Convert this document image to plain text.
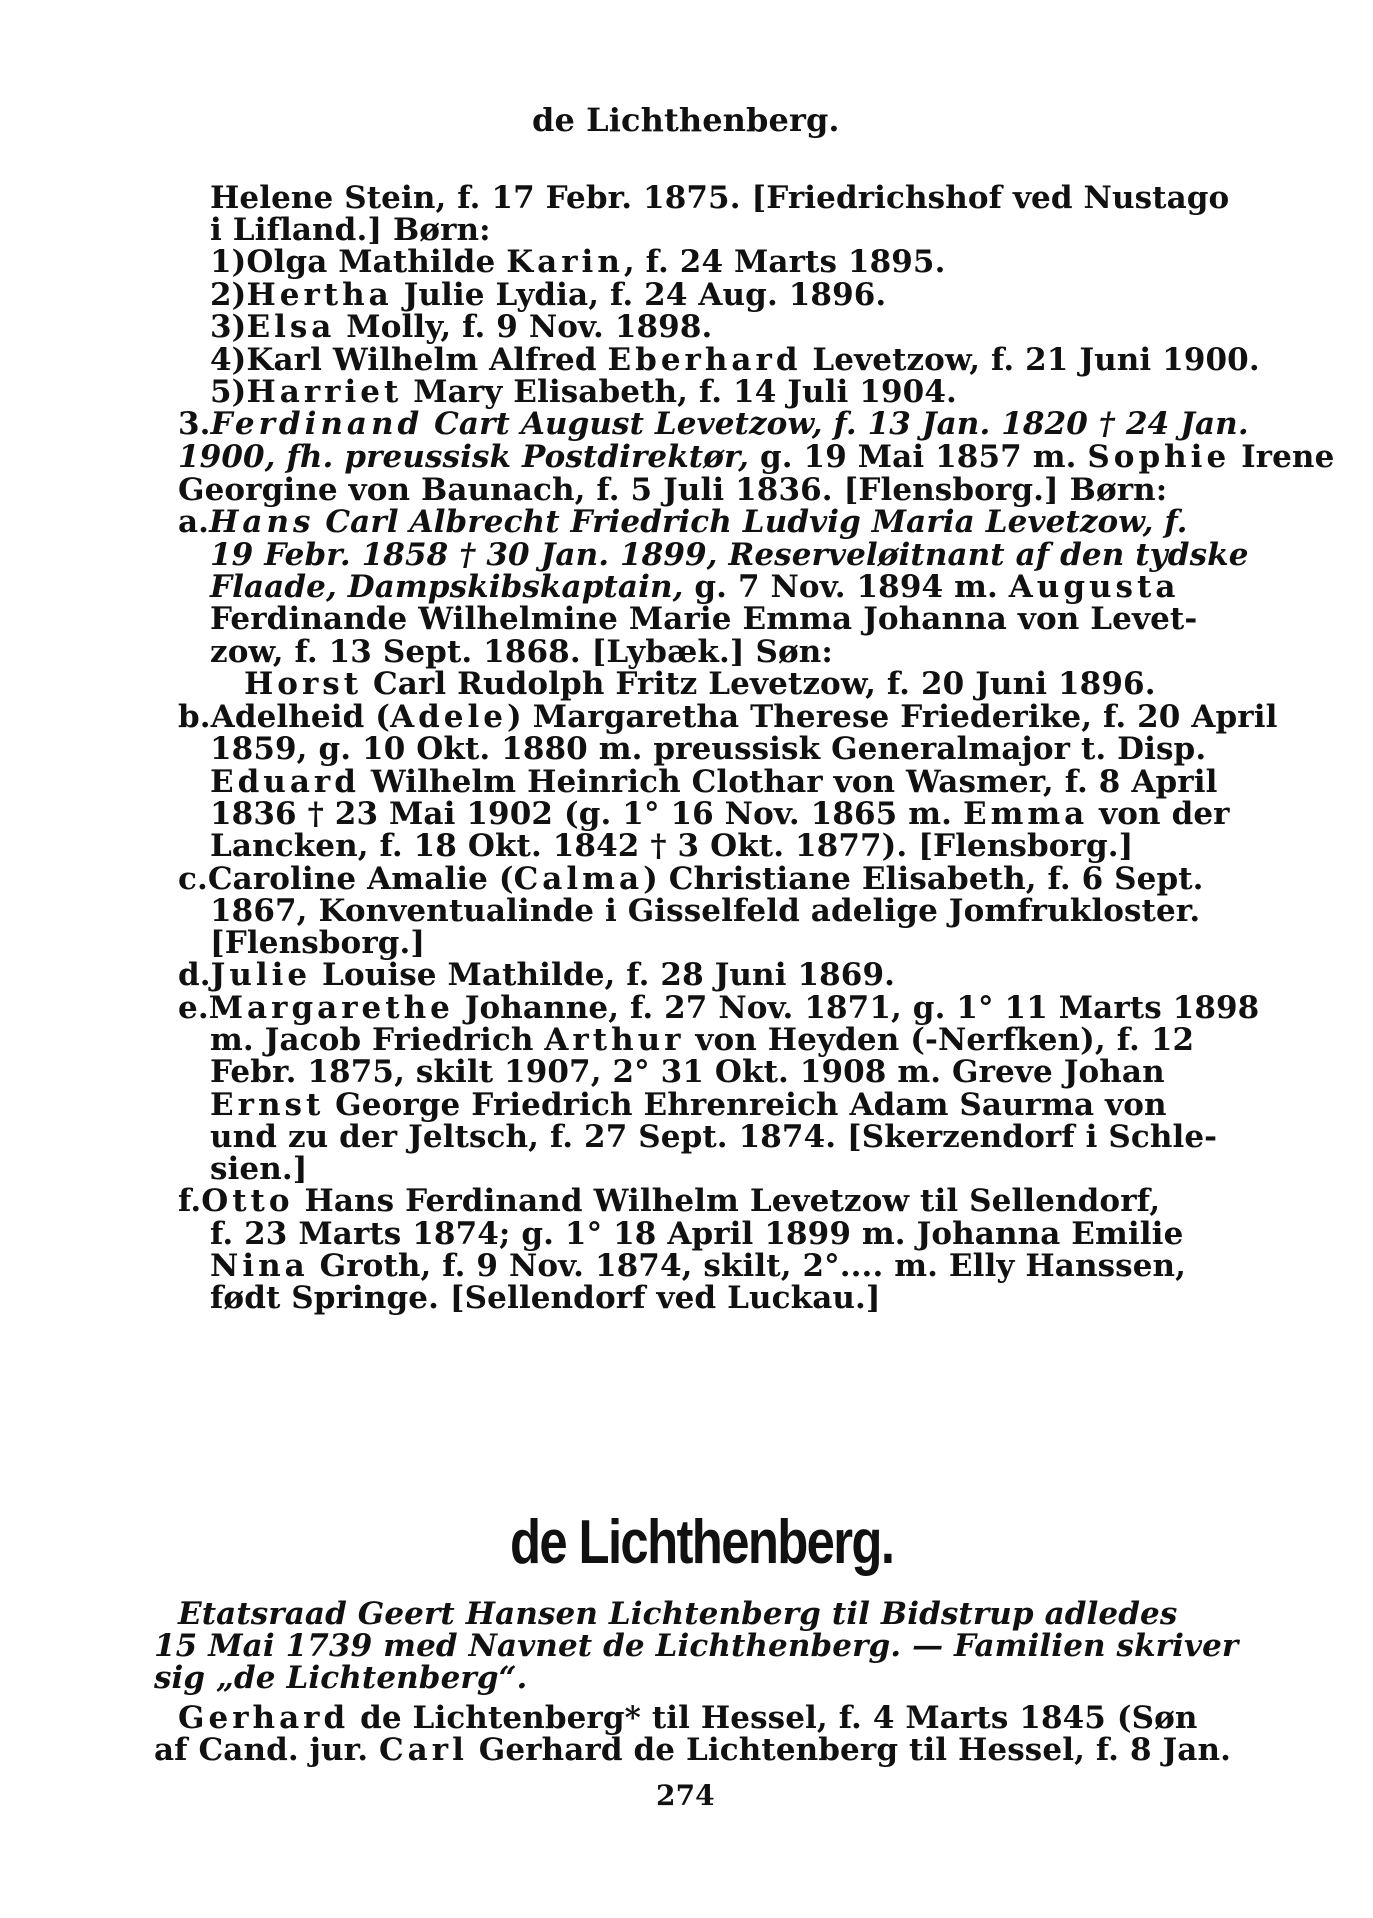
de Lichthenberg.
Helene Stein, f. 17 Febr. 1875. [Friedrichshof ved Nustago
i Lifland.] Børn:
1)Olga Mathilde Karin, f. 24 Marts 1895.
2)Hertha Julie Lydia, f. 24 Aug. 1896.
3)Elsa Molly, f. 9 Nov. 1898.
4)Karl Wilhelm Alfred Eberhard Levetzow, f. 21 Juni 1900.
5)Harriet Mary Elisabeth, f. 14 Juli 1904.
3.Ferdinand Cart August Levetzow, f. 13 Jan. 1820 † 24 Jan.
1900, fh. preussisk Postdirektør, g. 19 Mai 1857 m. Sophie Irene
Georgine von Baunach, f. 5 Juli 1836. [Flensborg.] Børn:
a.Hans Carl Albrecht Friedrich Ludvig Maria Levetzow, f.
19 Febr. 1858 † 30 Jan. 1899, Reserveløitnant af den tydske
Flaade, Dampskibskaptain, g. 7 Nov. 1894 m. Augusta
Ferdinande Wilhelmine Marie Emma Johanna von Levet-
zow, f. 13 Sept. 1868. [Lybæk.] Søn:
Horst Carl Rudolph Fritz Levetzow, f. 20 Juni 1896.
b.Adelheid (Adele) Margaretha Therese Friederike, f. 20 April
1859, g. 10 Okt. 1880 m. preussisk Generalmajor t. Disp.
Eduard Wilhelm Heinrich Clothar von Wasmer, f. 8 April
1836 † 23 Mai 1902 (g. 1° 16 Nov. 1865 m. Emma von der
Lancken, f. 18 Okt. 1842 † 3 Okt. 1877). [Flensborg.]
c.Caroline Amalie (Calma) Christiane Elisabeth, f. 6 Sept.
1867, Konventualinde i Gisselfeld adelige Jomfrukloster.
[Flensborg.]
d.Julie Louise Mathilde, f. 28 Juni 1869.
e.Margarethe Johanne, f. 27 Nov. 1871, g. 1° 11 Marts 1898
m. Jacob Friedrich Arthur von Heyden (-Nerfken), f. 12
Febr. 1875, skilt 1907, 2° 31 Okt. 1908 m. Greve Johan
Ernst George Friedrich Ehrenreich Adam Saurma von
und zu der Jeltsch, f. 27 Sept. 1874. [Skerzendorf i Schle-
sien.]
f.Otto Hans Ferdinand Wilhelm Levetzow til Sellendorf,
f. 23 Marts 1874; g. 1° 18 April 1899 m. Johanna Emilie
Nina Groth, f. 9 Nov. 1874, skilt, 2°.... m. Elly Hanssen,
født Springe. [Sellendorf ved Luckau.]
de Lichthenberg.
Etatsraad Geert Hansen Lichtenberg til Bidstrup adledes
15 Mai 1739 med Navnet de Lichthenberg. — Familien skriver
sig „de Lichtenberg“.
Gerhard de Lichtenberg* til Hessel, f. 4 Marts 1845 (Søn
af Cand. jur. Carl Gerhard de Lichtenberg til Hessel, f. 8 Jan.
274
